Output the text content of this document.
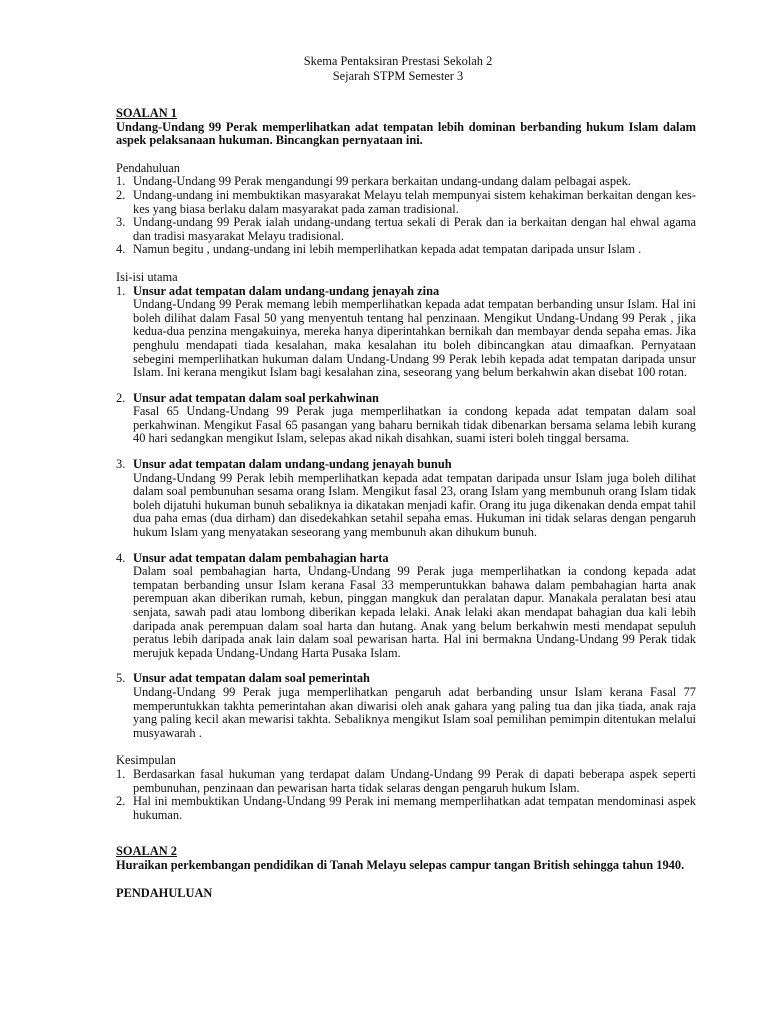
Skema Pentaksiran Prestasi Sekolah 2
Sejarah STPM Semester 3
SOALAN 1
Undang-Undang 99 Perak memperlihatkan adat tempatan lebih dominan berbanding hukum Islam dalam aspek pelaksanaan hukuman. Bincangkan pernyataan ini.
Pendahuluan
1. Undang-Undang 99 Perak mengandungi 99 perkara berkaitan undang-undang dalam pelbagai aspek.
2. Undang-undang ini membuktikan masyarakat Melayu telah mempunyai sistem kehakiman berkaitan dengan kes-kes yang biasa berlaku dalam masyarakat pada zaman tradisional.
3. Undang-undang 99 Perak ialah undang-undang tertua sekali di Perak dan ia berkaitan dengan hal ehwal agama dan tradisi masyarakat Melayu tradisional.
4. Namun begitu , undang-undang ini lebih memperlihatkan kepada adat tempatan daripada unsur Islam .
Isi-isi utama
1. Unsur adat tempatan dalam undang-undang jenayah zina
Undang-Undang 99 Perak memang lebih memperlihatkan kepada adat tempatan berbanding unsur Islam. Hal ini boleh dilihat dalam Fasal 50 yang menyentuh tentang hal penzinaan. Mengikut Undang-Undang 99 Perak , jika kedua-dua penzina mengakuinya, mereka hanya diperintahkan bernikah dan membayar denda sepaha emas. Jika penghulu mendapati tiada kesalahan, maka kesalahan itu boleh dibincangkan atau dimaafkan. Pernyataan sebegini memperlihatkan hukuman dalam Undang-Undang 99 Perak lebih kepada adat tempatan daripada unsur Islam. Ini kerana mengikut Islam bagi kesalahan zina, seseorang yang belum berkahwin akan disebat 100 rotan.
2. Unsur adat tempatan dalam soal perkahwinan
Fasal 65 Undang-Undang 99 Perak juga memperlihatkan ia condong kepada adat tempatan dalam soal perkahwinan. Mengikut Fasal 65 pasangan yang baharu bernikah tidak dibenarkan bersama selama lebih kurang 40 hari sedangkan mengikut Islam, selepas akad nikah disahkan, suami isteri boleh tinggal bersama.
3. Unsur adat tempatan dalam undang-undang jenayah bunuh
Undang-Undang 99 Perak lebih memperlihatkan kepada adat tempatan daripada unsur Islam juga boleh dilihat dalam soal pembunuhan sesama orang Islam. Mengikut fasal 23, orang Islam yang membunuh orang Islam tidak boleh dijatuhi hukuman bunuh sebaliknya ia dikatakan menjadi kafir. Orang itu juga dikenakan denda empat tahil dua paha emas (dua dirham) dan disedekahkan setahil sepaha emas. Hukuman ini tidak selaras dengan pengaruh hukum Islam yang menyatakan seseorang yang membunuh akan dihukum bunuh.
4. Unsur adat tempatan dalam pembahagian harta
Dalam soal pembahagian harta, Undang-Undang 99 Perak juga memperlihatkan ia condong kepada adat tempatan berbanding unsur Islam kerana Fasal 33 memperuntukkan bahawa dalam pembahagian harta anak perempuan akan diberikan rumah, kebun, pinggan mangkuk dan peralatan dapur. Manakala peralatan besi atau senjata, sawah padi atau lombong diberikan kepada lelaki. Anak lelaki akan mendapat bahagian dua kali lebih daripada anak perempuan dalam soal harta dan hutang. Anak yang belum berkahwin mesti mendapat sepuluh peratus lebih daripada anak lain dalam soal pewarisan harta. Hal ini bermakna Undang-Undang 99 Perak tidak merujuk kepada Undang-Undang Harta Pusaka Islam.
5. Unsur adat tempatan dalam soal pemerintah
Undang-Undang 99 Perak juga memperlihatkan pengaruh adat berbanding unsur Islam kerana Fasal 77 memperuntukkan takhta pemerintahan akan diwarisi oleh anak gahara yang paling tua dan jika tiada, anak raja yang paling kecil akan mewarisi takhta. Sebaliknya mengikut Islam soal pemilihan pemimpin ditentukan melalui musyawarah .
Kesimpulan
1. Berdasarkan fasal hukuman yang terdapat dalam Undang-Undang 99 Perak di dapati beberapa aspek seperti pembunuhan, penzinaan dan pewarisan harta tidak selaras dengan pengaruh hukum Islam.
2. Hal ini membuktikan Undang-Undang 99 Perak ini memang memperlihatkan adat tempatan mendominasi aspek hukuman.
SOALAN 2
Huraikan perkembangan pendidikan di Tanah Melayu selepas campur tangan British sehingga tahun 1940.
PENDAHULUAN
